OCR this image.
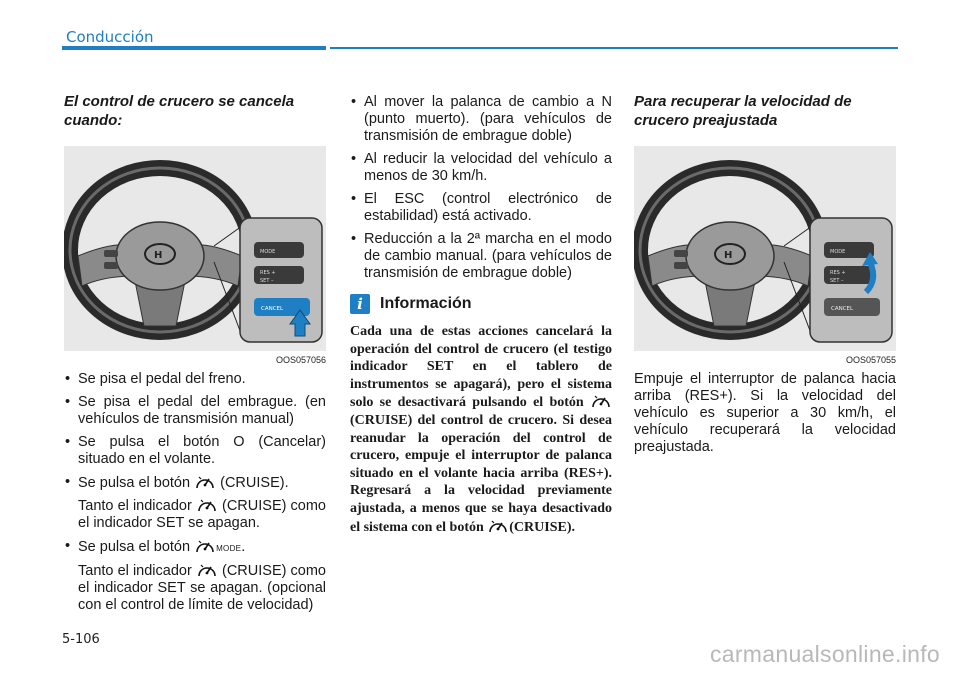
Conducción
El control de crucero se cancela cuando:
H	MODE
RES +
SET –
CANCEL
OOS057056
• Se pisa el pedal del freno.
• Se pisa el pedal del embrague. (en vehículos de transmisión manual)
• Se pulsa el botón O (Cancelar) situado en el volante.
• Se pulsa el botón  (CRUISE).
Tanto el indicador  (CRUISE) como el indicador SET se apagan.
• Se pulsa el botón	MODE.
Tanto el indicador  (CRUISE) como el indicador SET se apagan. (opcional con el control de límite de velocidad)
• Al mover la palanca de cambio a N (punto muerto). (para vehículos de transmisión de embrague doble)
• Al reducir la velocidad del vehículo a menos de 30 km/h.
• El ESC (control electrónico de estabilidad) está activado.
• Reducción a la 2ª marcha en el modo de cambio manual. (para vehículos de transmisión de embrague doble)
i	Información
Cada una de estas acciones cancelará la operación del control de crucero (el testigo indicador SET en el tablero de instrumentos se apagará), pero el sistema solo se desactivará pulsando el botón (CRUISE) del control de crucero. Si desea reanudar la operación del control de crucero, empuje el interruptor de palanca situado en el volante hacia arriba (RES+). Regresará a la velocidad previamente ajustada, a menos que se haya desactivado el sistema con el botón (CRUISE).
Para recuperar la velocidad de crucero preajustada
H	MODE
RES +
SET –
CANCEL
OOS057055
Empuje el interruptor de palanca hacia arriba (RES+). Si la velocidad del vehículo es superior a 30 km/h, el vehículo recuperará la velocidad preajustada.
5-106
carmanualsonline.info
